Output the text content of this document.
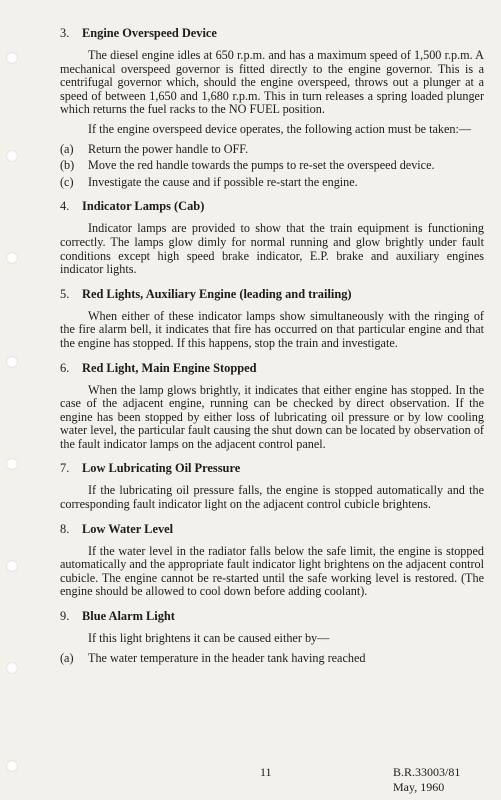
3. Engine Overspeed Device

The diesel engine idles at 650 r.p.m. and has a maximum speed of 1,500 r.p.m. A mechanical overspeed governor is fitted directly to the engine governor. This is a centrifugal governor which, should the engine overspeed, throws out a plunger at a speed of between 1,650 and 1,680 r.p.m. This in turn releases a spring loaded plunger which returns the fuel racks to the NO FUEL position.

If the engine overspeed device operates, the following action must be taken:—

(a)	Return the power handle to OFF.
(b)	Move the red handle towards the pumps to re-set the overspeed device.
(c)	Investigate the cause and if possible re-start the engine.
4. Indicator Lamps (Cab)

Indicator lamps are provided to show that the train equipment is functioning correctly. The lamps glow dimly for normal running and glow brightly under fault conditions except high speed brake indicator, E.P. brake and auxiliary engines indicator lights.

5. Red Lights, Auxiliary Engine (leading and trailing)

When either of these indicator lamps show simultaneously with the ringing of the fire alarm bell, it indicates that fire has occurred on that particular engine and that the engine has stopped. If this happens, stop the train and investigate.

6. Red Light, Main Engine Stopped

When the lamp glows brightly, it indicates that either engine has stopped. In the case of the adjacent engine, running can be checked by direct observation. If the engine has been stopped by either loss of lubricating oil pressure or by low cooling water level, the particular fault causing the shut down can be located by observation of the fault indicator lamps on the adjacent control panel.

7. Low Lubricating Oil Pressure

If the lubricating oil pressure falls, the engine is stopped automatically and the corresponding fault indicator light on the adjacent control cubicle brightens.

8. Low Water Level

If the water level in the radiator falls below the safe limit, the engine is stopped automatically and the appropriate fault indicator light brightens on the adjacent control cubicle. The engine cannot be re-started until the safe working level is restored. (The engine should be allowed to cool down before adding coolant).

9. Blue Alarm Light

If this light brightens it can be caused either by—

(a)	The water temperature in the header tank having reached
11	B.R.33003/81
May, 1960
